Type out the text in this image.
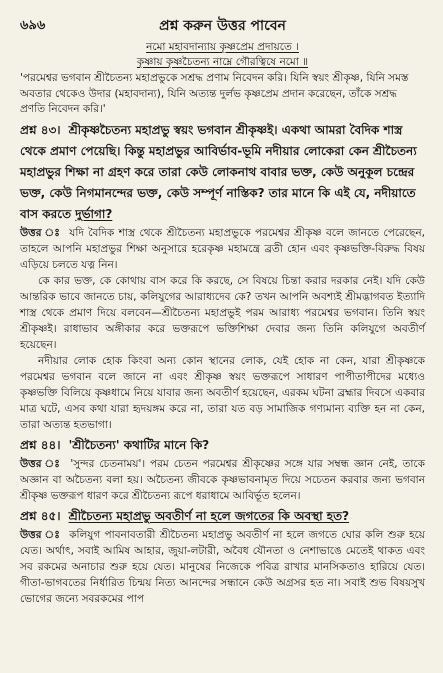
৬৯৬	প্রশ্ন করুন উত্তর পাবেন
নমো মহাবদান্যায় কৃষ্ণপ্রেম প্রদায়তে ।
কৃষ্ণায় কৃষ্ণচৈতন্য নাম্নে গৌরত্বিষে নমো ॥

'পরমেশ্বর ভগবান শ্রীচৈতন্য মহাপ্রভুকে সশ্রদ্ধ প্রণাম নিবেদন করি। যিনি স্বয়ং শ্রীকৃষ্ণ, যিনি সমস্ত অবতার থেকেও উদার (মহাবদান্য), যিনি অত্যন্ত দুর্লভ কৃষ্ণপ্রেম প্রদান করেছেন, তাঁকে সশ্রদ্ধ প্রণতি নিবেদন করি।'

প্রশ্ন ৪৩। শ্রীকৃষ্ণচৈতন্য মহাপ্রভু স্বয়ং ভগবান শ্রীকৃষ্ণই। একথা আমরা বৈদিক শাস্ত্র থেকে প্রমাণ পেয়েছি। কিন্তু মহাপ্রভুর আবির্ভাব-ভূমি নদীয়ার লোকেরা কেন শ্রীচৈতন্য মহাপ্রভুর শিক্ষা না গ্রহণ করে তারা কেউ লোকনাথ বাবার ভক্ত, কেউ অনুকূল চন্দ্রের ভক্ত, কেউ নিগমানন্দের ভক্ত, কেউ সম্পূর্ণ নাস্তিক? তার মানে কি এই যে, নদীয়াতে বাস করতে দুর্ভাগা?

উত্তর ঃ যদি বৈদিক শাস্ত্র থেকে শ্রীচৈতন্য মহাপ্রভুকে পরমেশ্বর শ্রীকৃষ্ণ বলে জানতে পেরেছেন, তাহলে আপনি মহাপ্রভুর শিক্ষা অনুসারে হরেকৃষ্ণ মহামন্ত্রে ব্রতী হোন এবং কৃষ্ণভক্তি-বিরুদ্ধ বিষয় এড়িয়ে চলতে যত্ন নিন।

কে কার ভক্ত, কে কোথায় বাস করে কি করছে, সে বিষয়ে চিন্তা করার দরকার নেই। যদি কেউ আন্তরিক ভাবে জানতে চায়, কলিযুগের আরাধ্যদেব কে? তখন আপনি অবশ্যই শ্রীমদ্ভাগবত ইত্যাদি শাস্ত্র থেকে প্রমাণ দিয়ে বলবেন—শ্রীচৈতন্য মহাপ্রভুই পরম আরাধ্য পরমেশ্বর ভগবান। তিনি স্বয়ং শ্রীকৃষ্ণই। রাধাভাব অঙ্গীকার করে ভক্তরূপে ভক্তিশিক্ষা দেবার জন্য তিনি কলিযুগে অবতীর্ণ হয়েছেন।

নদীয়ার লোক হোক কিংবা অন্য কোন স্থানের লোক, যেই হোক না কেন, যারা শ্রীকৃষ্ণকে পরমেশ্বর ভগবান বলে জানে না এবং শ্রীকৃষ্ণ স্বয়ং ভক্তরূপে সাধারণ পাপীতাপীদের মধ্যেও কৃষ্ণভক্তি বিলিয়ে কৃষ্ণধামে নিয়ে যাবার জন্য অবতীর্ণ হয়েছেন, এরকম ঘটনা ব্রহ্মার দিবসে একবার মাত্র ঘটে, এসব কথা যারা হৃদয়ঙ্গম করে না, তারা যত বড় সামাজিক গণ্যমান্য ব্যক্তি হন না কেন, তারা অত্যন্ত হতভাগা।

প্রশ্ন ৪৪। 'শ্রীচৈতন্য' কথাটির মানে কি?

উত্তর ঃ 'সুন্দর চেতনাময়'। পরম চেতন পরমেশ্বর শ্রীকৃষ্ণের সঙ্গে যার সম্বন্ধ জ্ঞান নেই, তাকে অজ্ঞান বা অচৈতন্য বলা হয়। অচৈতন্য জীবকে কৃষ্ণভাবনামৃত দিয়ে সচেতন করবার জন্য ভগবান শ্রীকৃষ্ণ ভক্তরূপ ধারণ করে শ্রীচৈতন্য রূপে ধরাধামে আবির্ভূত হলেন।

প্রশ্ন ৪৫। শ্রীচৈতন্য মহাপ্রভু অবতীর্ণ না হলে জগতের কি অবস্থা হত?

উত্তর ঃ কলিযুগ পাবনাবতারী শ্রীচৈতন্য মহাপ্রভু অবতীর্ণ না হলে জগতে ঘোর কলি শুরু হয়ে যেত। অর্থাৎ, সবাই আমিষ আহার, জুয়া-লটারী, অবৈধ যৌনতা ও নেশাভাঙে মেতেই থাকত এবং সব রকমের অনাচার শুরু হয়ে যেত। মানুষের নিজেকে পবিত্র রাখার মানসিকতাও হারিয়ে যেত। গীতা-ভাগবতের নির্ধারিত চিন্ময় নিত্য আনন্দের সন্ধানে কেউ অগ্রসর হত না। সবাই শুভ বিষয়সুখ ভোগের জন্যে সবরকমের পাপ
